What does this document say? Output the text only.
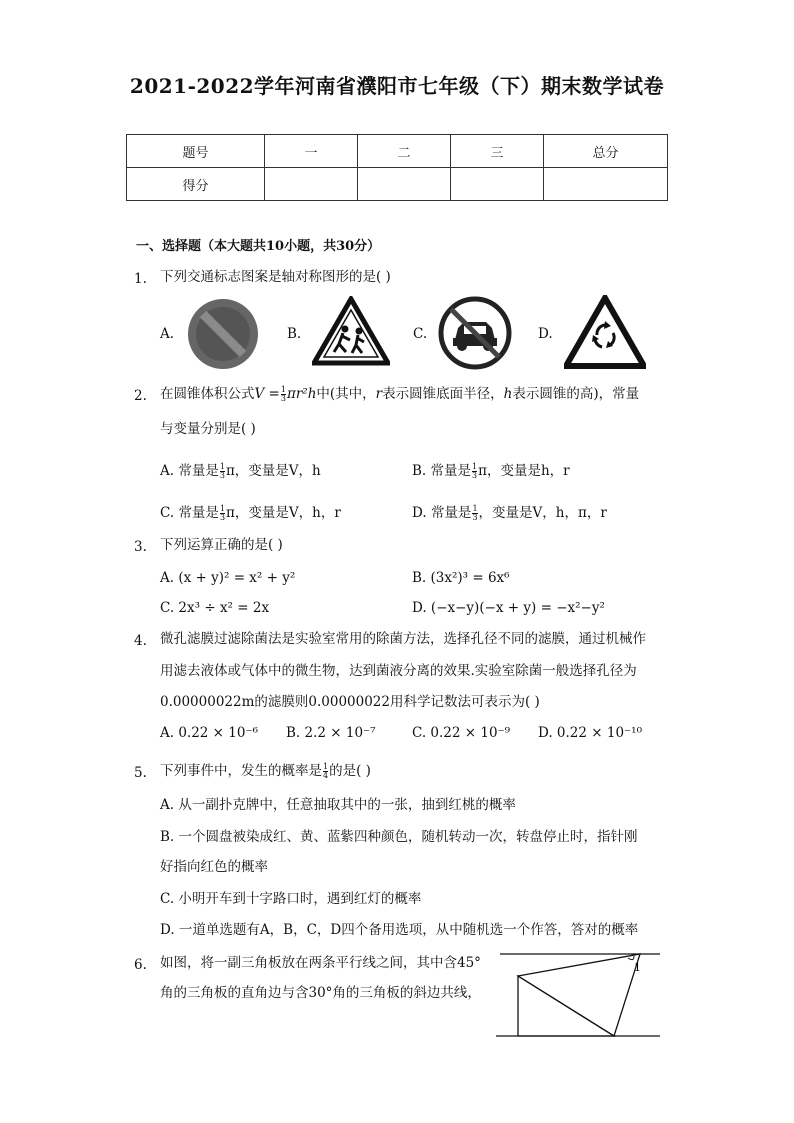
2021-2022学年河南省濮阳市七年级（下）期末数学试卷
题号	一	二	三	总分
得分				
一、选择题（本大题共10小题，共30分）
1. 下列交通标志图案是轴对称图形的是( )
A.	B.	C.	D.
2. 在圆锥体积公式$V = \frac{1}{3} \pi r^2h$中(其中，r表示圆锥底面半径，h表示圆锥的高)，常量
与变量分别是( )
A. 常量是 $\frac{1}{3}$ π，变量是V，h	B. 常量是 $\frac{1}{3}$ π，变量是h，r
C. 常量是 $\frac{1}{3}$ π，变量是V，h，r	D. 常量是 $\frac{1}{3}$ ，变量是V，h，π，r
3. 下列运算正确的是( )
A. (x + y)² = x² + y²	B. (3x²)³ = 6x⁶
C. 2x³ ÷ x² = 2x	D. (−x−y)(−x + y) = −x²−y²
4. 微孔滤膜过滤除菌法是实验室常用的除菌方法，选择孔径不同的滤膜，通过机械作
用滤去液体或气体中的微生物，达到菌液分离的效果.实验室除菌一般选择孔径为
0.00000022m的滤膜则0.00000022用科学记数法可表示为( )
A. 0.22 × 10⁻⁶ B. 2.2 × 10⁻⁷	C. 0.22 × 10⁻⁹ D. 0.22 × 10⁻¹⁰
5. 下列事件中，发生的概率是 $\frac{1}{4}$ 的是( )
A. 从一副扑克牌中，任意抽取其中的一张，抽到红桃的概率
B. 一个圆盘被染成红、黄、蓝紫四种颜色，随机转动一次，转盘停止时，指针刚
好指向红色的概率
C. 小明开车到十字路口时，遇到红灯的概率
D. 一道单选题有A，B，C，D四个备用选项，从中随机选一个作答，答对的概率
6. 如图，将一副三角板放在两条平行线之间，其中含45°
角的三角板的直角边与含30°角的三角板的斜边共线，
1
